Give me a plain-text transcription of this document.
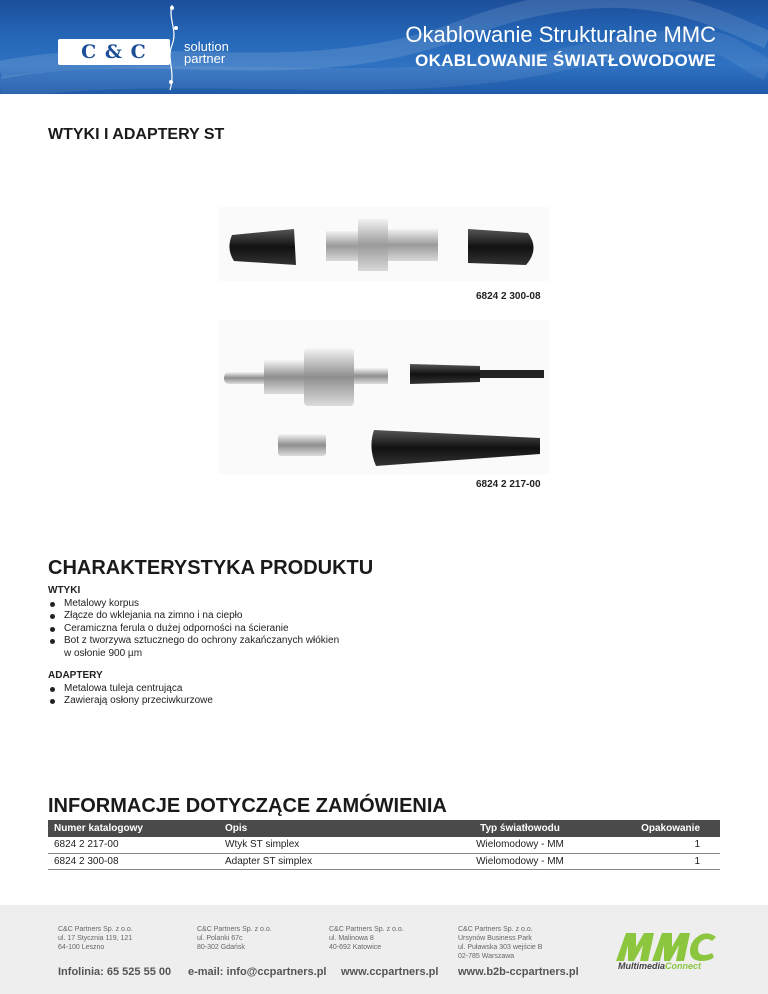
C & C	solution
partner
Okablowanie Strukturalne MMC
OKABLOWANIE ŚWIATŁOWODOWE
WTYKI I ADAPTERY ST
6824 2 300-08
6824 2 217-00
CHARAKTERYSTYKA PRODUKTU
WTYKI
Metalowy korpus
Złącze do wklejania na zimno i na ciepło
Ceramiczna ferula o dużej odporności na ścieranie
Bot z tworzywa sztucznego do ochrony zakańczanych włókien
w osłonie 900 µm
ADAPTERY
Metalowa tuleja centrująca
Zawierają osłony przeciwkurzowe
INFORMACJE DOTYCZĄCE ZAMÓWIENIA
Numer katalogowy	Opis	Typ światłowodu	Opakowanie
6824 2 217-00	Wtyk ST simplex	Wielomodowy - MM	1
6824 2 300-08	Adapter ST simplex	Wielomodowy - MM	1
C&C Partners Sp. z o.o.
ul. 17 Stycznia 119, 121
64-100 Leszno
C&C Partners Sp. z o.o.
ul. Polanki 67c
80-302 Gdańsk
C&C Partners Sp. z o.o.
ul. Malinowa 8
40-692 Katowice
C&C Partners Sp. z o.o.
Ursynów Business Park
ul. Puławska 303 wejście B
02-785 Warszawa
Infolinia: 65 525 55 00 e-mail: info@ccpartners.pl www.ccpartners.pl www.b2b-ccpartners.pl	MultimediaConnect
